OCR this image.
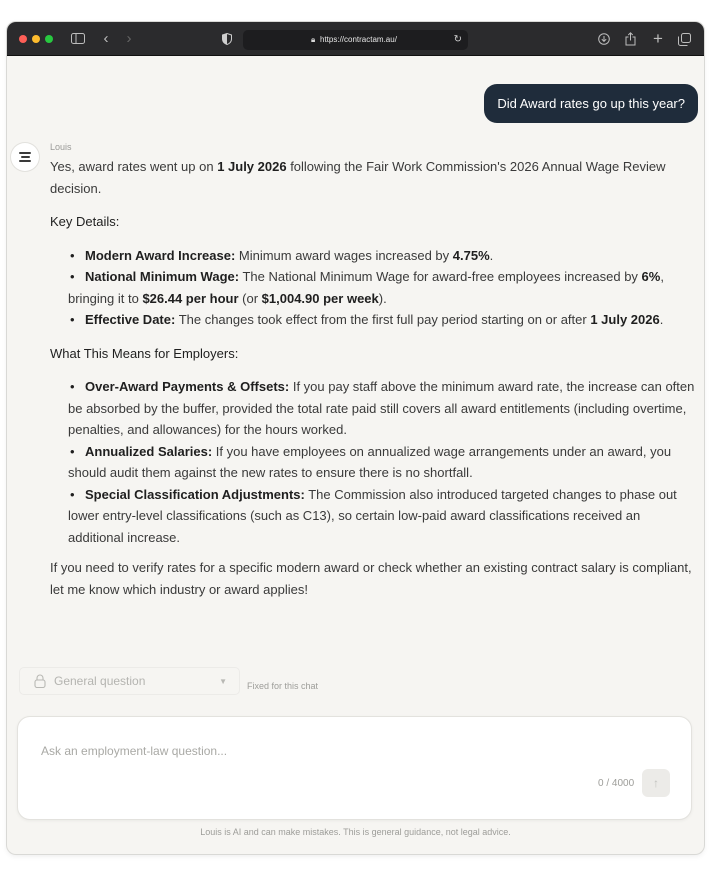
‹ ›	🔒︎ https://contractam.au/	↻	+
Did Award rates go up this year?
Louis
Yes, award rates went up on 1 July 2026 following the Fair Work Commission's 2026 Annual Wage Review decision.
Key Details:
• Modern Award Increase: Minimum award wages increased by 4.75%.
• National Minimum Wage: The National Minimum Wage for award-free employees increased by 6%, bringing it to $26.44 per hour (or $1,004.90 per week).
• Effective Date: The changes took effect from the first full pay period starting on or after 1 July 2026.
What This Means for Employers:
• Over-Award Payments & Offsets: If you pay staff above the minimum award rate, the increase can often be absorbed by the buffer, provided the total rate paid still covers all award entitlements (including overtime, penalties, and allowances) for the hours worked.
• Annualized Salaries: If you have employees on annualized wage arrangements under an award, you should audit them against the new rates to ensure there is no shortfall.
• Special Classification Adjustments: The Commission also introduced targeted changes to phase out lower entry-level classifications (such as C13), so certain low-paid award classifications received an additional increase.
If you need to verify rates for a specific modern award or check whether an existing contract salary is compliant, let me know which industry or award applies!
General question	▼ Fixed for this chat
Ask an employment-law question...
0 / 4000	↑
Louis is AI and can make mistakes. This is general guidance, not legal advice.
